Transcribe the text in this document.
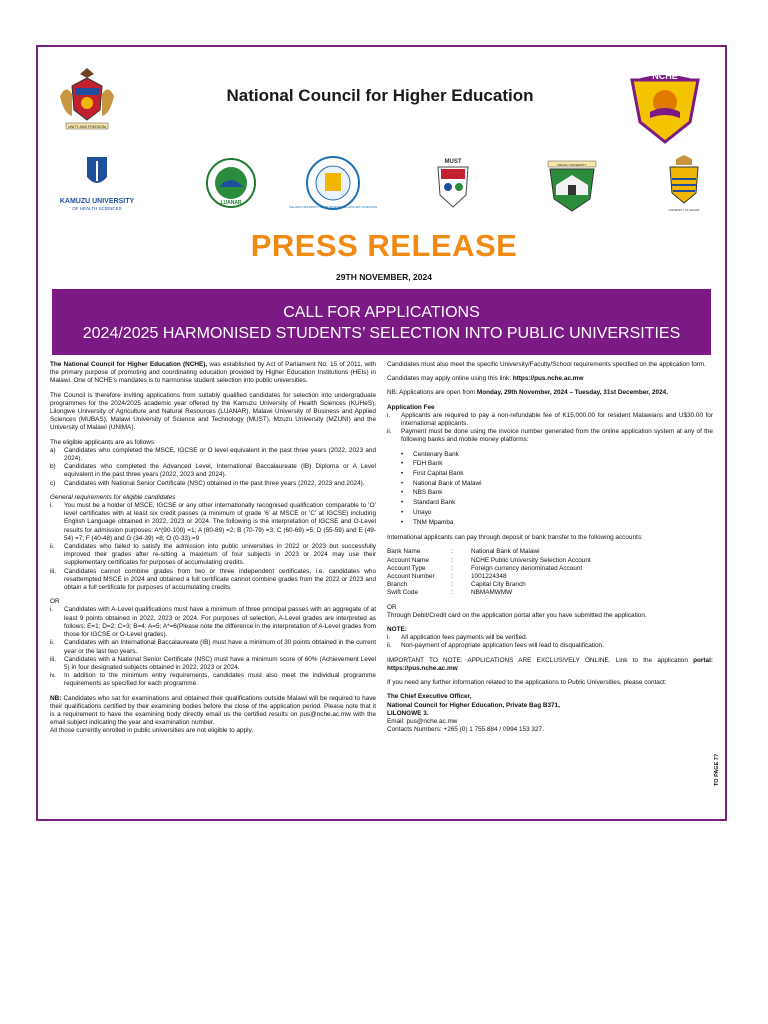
UNITY AND FREEDOM
National Council for Higher Education
NCHE
KAMUZU UNIVERSITY
OF HEALTH SCIENCES
LUANAR
MALAWI UNIVERSITY OF BUSINESS AND APPLIED SCIENCES
MUST	MZUZU UNIVERSITY
UNIVERSITY OF MALAWI
PRESS RELEASE
29TH NOVEMBER, 2024
CALL FOR APPLICATIONS
2024/2025 HARMONISED STUDENTS’ SELECTION INTO PUBLIC UNIVERSITIES

The National Council for Higher Education (NCHE), was established by Act of Parliament No. 15 of 2011, with the primary purpose of promoting and coordinating education provided by Higher Education Institutions (HEIs) in Malawi. One of NCHE’s mandates is to harmonise student selection into public universities.

The Council is therefore inviting applications from suitably qualified candidates for selection into undergraduate programmes for the 2024/2025 academic year offered by the Kamuzu University of Health Sciences (KUHeS), Lilongwe University of Agriculture and Natural Resources (LUANAR), Malawi University of Business and Applied Sciences (MUBAS), Malawi University of Science and Technology (MUST), Mzuzu University (MZUNI) and the University of Malawi (UNIMA).

The eligible applicants are as follows:
a)	Candidates who completed the MSCE, IGCSE or O level equivalent in the past three years (2022, 2023 and 2024).
b)	Candidates who completed the Advanced Level, International Baccalaureate (IB) Diploma or A Level equivalent in the past three years (2022, 2023 and 2024).
c)	Candidates with National Senior Certificate (NSC) obtained in the past three years (2022, 2023 and 2024).
General requirements for eligible candidates
i.	You must be a holder of MSCE, IGCSE or any other internationally recognised qualification comparable to ‘O’ level certificates with at least six credit passes (a minimum of grade ‘6’ at MSCE or ‘C’ at IGCSE) including English Language obtained in 2022, 2023 or 2024. The following is the interpretation of IGCSE and O-Level results for admission purposes: A*(90-100) =1; A (80-89) =2; B (70-79) =3; C (60-69) =5; D (55-59) and E (49-54) =7; F (40-48) and G (34-39) =8; O (0-33) =9
ii.	Candidates who failed to satisfy the admission into public universities in 2022 or 2023 but successfully improved their grades after re-sitting a maximum of four subjects in 2023 or 2024 may use their supplementary certificates for purposes of accumulating credits.
iii.	Candidates cannot combine grades from two or three independent certificates, i.e. candidates who resattempted MSCE in 2024 and obtained a full certificate cannot combine grades from the 2022 or 2023 and obtain a full certificate for purposes of accumulating credits
OR
i.	Candidates with A-Level qualifications must have a minimum of three principal passes with an aggregate of at least 9 points obtained in 2022, 2023 or 2024. For purposes of selection, A-Level grades are interpreted as follows: E=1; D=2; C=3; B=4; A=5; A*=6(Please note the difference in the interpretation of A-Level grades from those for IGCSE or O-Level grades).
ii.	Candidates with an International Baccalaureate (IB) must have a minimum of 30 points obtained in the current year or the last two years.
iii.	Candidates with a National Senior Certificate (NSC) must have a minimum score of 60% (Achievement Level 5) in four designated subjects obtained in 2022, 2023 or 2024.
iv.	In addition to the minimum entry requirements, candidates must also meet the individual programme requirements as specified for each programme.
NB: Candidates who sat for examinations and obtained their qualifications outside Malawi will be required to have their qualifications certified by their examining bodies before the close of the application period. Please note that it is a requirement to have the examining body directly email us the certified results on pus@nche.ac.mw with the email subject indicating the year and examination number.
All those currently enrolled in public universities are not eligible to apply.

Candidates must also meet the specific University/Faculty/School requirements specified on the application form.

Candidates may apply online using this link: https://pus.nche.ac.mw

NB: Applications are open from Monday, 29th November, 2024 – Tuesday, 31st December, 2024.

Application Fee
i.	Applicants are required to pay a non-refundable fee of K15,000.00 for resident Malawians and U$30.00 for international applicants.
ii.	Payment must be done using the invoice number generated from the online application system at any of the following banks and mobile money platforms:
•	Centenary Bank
•	FDH Bank
•	First Capital Bank
•	National Bank of Malawi
•	NBS Bank
•	Standard Bank
•	Unayo
•	TNM Mpamba

International applicants can pay through deposit or bank transfer to the following accounts:

Bank Name	:	National Bank of Malawi
Account Name	:	NCHE Public University Selection Account
Account Type	:	Foreign currency denominated Account
Account Number	:	1001224348
Branch	:	Capital City Branch
Swift Code	:	NBMAMWMW
OR

Through Debit/Credit card on the application portal after you have submitted the application.

NOTE:
i.	All application fees payments will be verified.
ii.	Non-payment of appropriate application fees will lead to disqualification.

IMPORTANT TO NOTE: APPLICATIONS ARE EXCLUSIVELY ONLINE. Link to the application portal: https://pus.nche.ac.mw

If you need any further information related to the applications to Public Universities, please contact:

The Chief Executive Officer,
National Council for Higher Education, Private Bag B371,
LILONGWE 3.
Email: pus@nche.ac.mw
Contacts Numbers: +265 (0) 1 755 884 / 0994 153 327.
TO PAGE 7?
